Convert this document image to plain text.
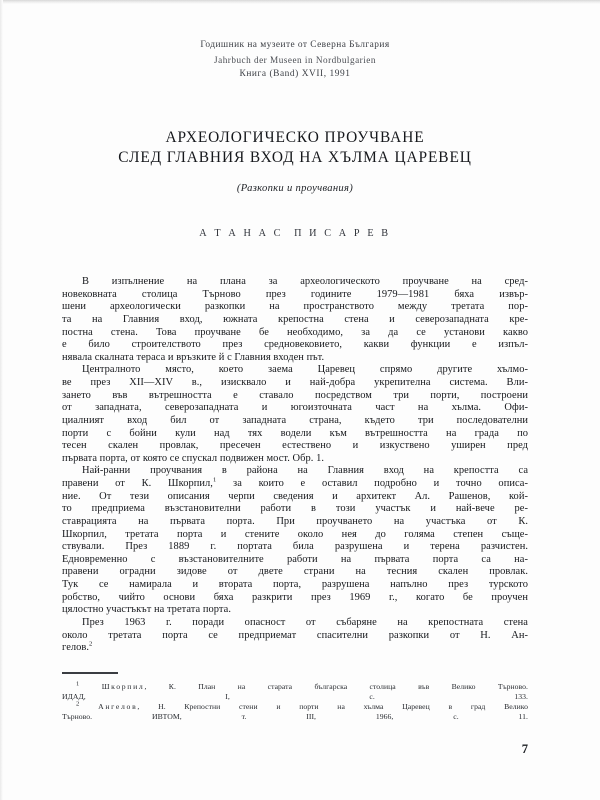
Годишник на музеите от Северна България
Jahrbuch der Museen in Nordbulgarien
Книга (Band) XVII, 1991
АРХЕОЛОГИЧЕСКО ПРОУЧВАНЕ
СЛЕД ГЛАВНИЯ ВХОД НА ХЪЛМА ЦАРЕВЕЦ
(Разкопки и проучвания)
А Т А Н А С П И С А Р Е В

В изпълнение на плана за археологическото проучване на сред-
новековната столица Търново през годините 1979—1981 бяха извър-
шени археологически разкопки на пространството между третата пор-
та на Главния вход, южната крепостна стена и северозападната кре-
постна стена. Това проучване бе необходимо, за да се установи какво
е било строителството през средновековието, какви функции е изпъл-
нявала скалната тераса и връзките й с Главния входен път.

Централното място, което заема Царевец спрямо другите хълмо-
ве през XII—XIV в., изисквало и най-добра укрепителна система. Вли-
зането във вътрешността е ставало посредством три порти, построени
от западната, северозападната и югоизточната част на хълма. Офи-
циалният вход бил от западната страна, където три последователни
порти с бойни кули над тях водели към вътрешността на града по
тесен скален провлак, пресечен естествено и изкуствено уширен пред
първата порта, от която се спускал подвижен мост. Обр. 1.

Най-ранни проучвания в района на Главния вход на крепостта са
правени от К. Шкорпил,$^1$ за които е оставил подробно и точно описа-
ние. От тези описания черпи сведения и архитект Ал. Рашенов, кой-
то предприема възстановителни работи в този участък и най-вече ре-
ставрацията на първата порта. При проучването на участъка от К.
Шкорпил, третата порта и стените около нея до голяма степен съще-
ствували. През 1889 г. портата била разрушена и терена разчистен.
Едновременно с възстановителните работи на първата порта са на-
правени оградни зидове от двете страни на тесния скален провлак.
Тук се намирала и втората порта, разрушена напълно през турското
робство, чийто основи бяха разкрити през 1969 г., когато бе проучен
цялостно участъкът на третата порта.

През 1963 г. поради опасност от събаряне на крепостната стена
около третата порта се предприемат спасителни разкопки от Н. Ан-
гелов.$^2$

$^1$	Шкорпил, К. План на старата българска столица във Велико Търново.
ИДАД, I, с. 133.

$^2$ Ангелов, Н. Крепостни стени и порти на хълма Царевец в град Велико
Търново. ИВТОМ, т. III, 1966, с. 11.

7
